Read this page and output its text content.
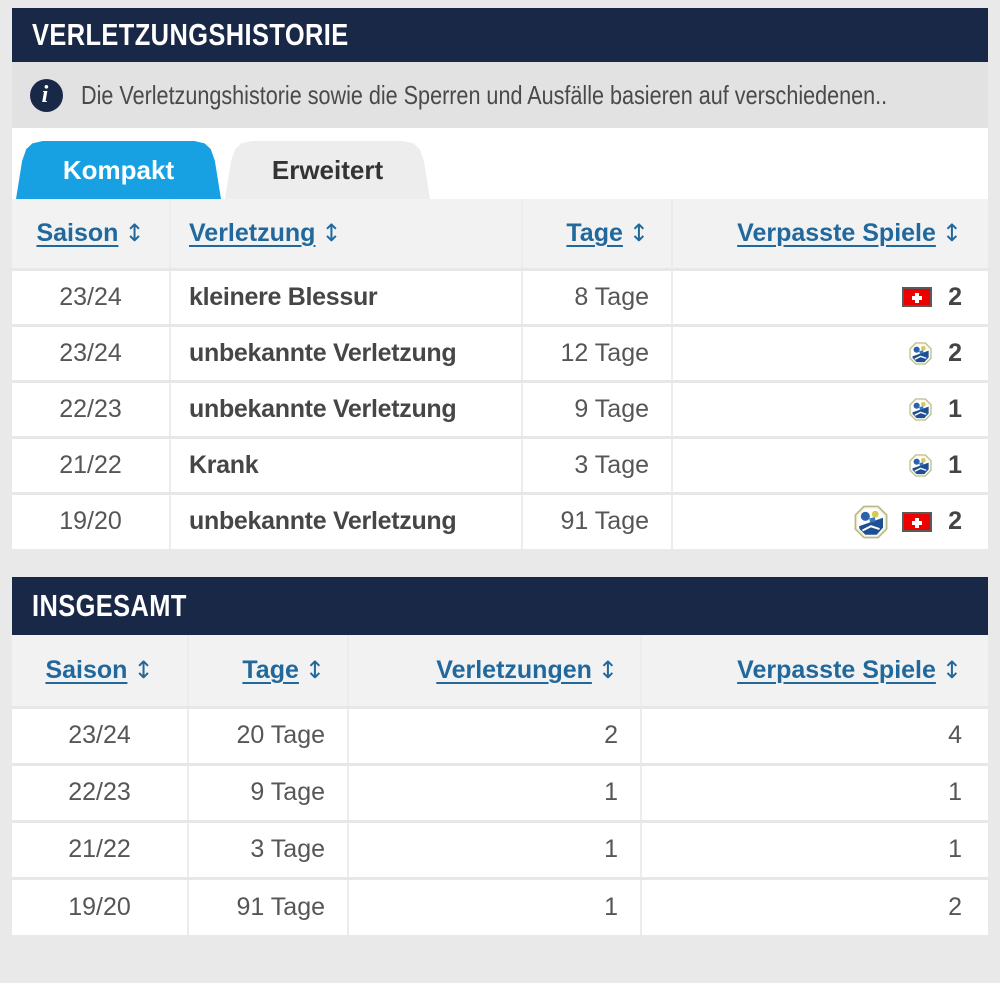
VERLETZUNGSHISTORIE
i	Die Verletzungshistorie sowie die Sperren und Ausfälle basieren auf verschiedenen..
Kompakt	Erweitert
Saison ↕	Verletzung ↕	Tage ↕	Verpasste Spiele ↕
23/24	kleinere Blessur	8 Tage	2

23/24	unbekannte Verletzung	12 Tage	2

22/23	unbekannte Verletzung	9 Tage	1

21/22	Krank	3 Tage	1

19/20	unbekannte Verletzung	91 Tage	2
INSGESAMT
Saison ↕	Tage ↕	Verletzungen ↕	Verpasste Spiele ↕
23/24	20 Tage	2	4
22/23	9 Tage	1	1
21/22	3 Tage	1	1
19/20	91 Tage	1	2
